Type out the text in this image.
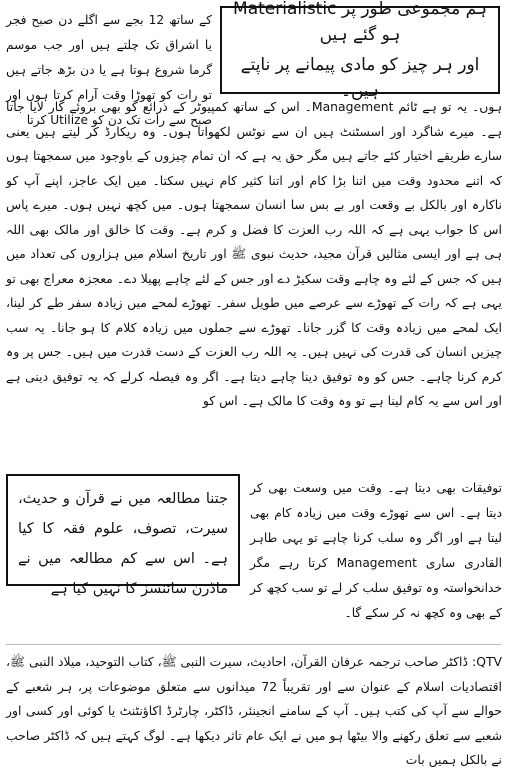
ہم مجموعی طور پر Materialistic ہو گئے ہیں

اور ہر چیز کو مادی پیمانے پر ناپتے ہیں۔

کے ساتھ 12 بجے سے اگلے دن صبح فجر یا اشراق تک چلتے ہیں اور جب موسم گرما شروع ہوتا ہے یا دن بڑھ جاتے ہیں تو رات کو تھوڑا وقت آرام کرتا ہوں اور صبح سے رات تک دن کو Utilize کرتا

ہوں۔ یہ تو ہے ٹائم Management۔ اس کے ساتھ کمپیوٹر کے ذرائع کو بھی بروئے کار لایا جاتا ہے۔ میرے شاگرد اور اسسٹنٹ ہیں ان سے نوٹس لکھواتا ہوں۔ وہ ریکارڈ کر لیتے ہیں یعنی سارے طریقے اختیار کئے جاتے ہیں مگر حق یہ ہے کہ ان تمام چیزوں کے باوجود میں سمجھتا ہوں کہ اتنے محدود وقت میں اتنا بڑا کام اور اتنا کثیر کام نہیں سکتا۔ میں ایک عاجز، اپنے آپ کو ناکارہ اور بالکل بے وقعت اور بے بس سا انسان سمجھتا ہوں۔ میں کچھ نہیں ہوں۔ میرے پاس اس کا جواب یہی ہے کہ اللہ رب العزت کا فضل و کرم ہے۔ وقت کا خالق اور مالک بھی اللہ ہی ہے اور ایسی مثالیں قرآن مجید، حدیث نبوی ﷺ اور تاریخ اسلام میں ہزاروں کی تعداد میں ہیں کہ جس کے لئے وہ چاہے وقت سکیڑ دے اور جس کے لئے چاہے پھیلا دے۔ معجزہ معراج بھی تو یہی ہے کہ رات کے تھوڑے سے عرصے میں طویل سفر۔ تھوڑے لمحے میں زیادہ سفر طے کر لینا، ایک لمحے میں زیادہ وقت کا گزر جانا۔ تھوڑے سے جملوں میں زیادہ کلام کا ہو جانا۔ یہ سب چیزیں انسان کی قدرت کی نہیں ہیں۔ یہ اللہ رب العزت کے دست قدرت میں ہیں۔ جس پر وہ کرم کرنا چاہے۔ جس کو وہ توفیق دینا چاہے دیتا ہے۔ اگر وہ فیصلہ کرلے کہ یہ توفیق دینی ہے اور اس سے یہ کام لینا ہے تو وہ وقت کا مالک ہے۔ اس کو

جتنا مطالعہ میں نے قرآن و حدیث، سیرت، تصوف، علوم فقہ کا کیا ہے۔ اس سے کم مطالعہ میں نے ماڈرن سائنسز کا نہیں کیا ہے

توفیقات بھی دیتا ہے۔ وقت میں وسعت بھی کر دیتا ہے۔ اس سے تھوڑے وقت میں زیادہ کام بھی لیتا ہے اور اگر وہ سلب کرنا چاہے تو یہی طاہر القادری ساری Management کرتا رہے مگر خدانخواستہ وہ توفیق سلب کر لے تو سب کچھ کر کے بھی وہ کچھ نہ کر سکے گا۔

QTV: ڈاکٹر صاحب ترجمہ عرفان القرآن، احادیث، سیرت النبی ﷺ، کتاب التوحید، میلاد النبی ﷺ، اقتصادیات اسلام کے عنوان سے اور تقریباً 72 میدانوں سے متعلق موضوعات پر، ہر شعبے کے حوالے سے آپ کی کتب ہیں۔ آپ کے سامنے انجینئر، ڈاکٹر، چارٹرڈ اکاؤنٹنٹ یا کوئی اور کسی اور شعبے سے تعلق رکھنے والا بیٹھا ہو میں نے ایک عام تاثر دیکھا ہے۔ لوگ کہتے ہیں کہ ڈاکٹر صاحب نے بالکل ہمیں بات
